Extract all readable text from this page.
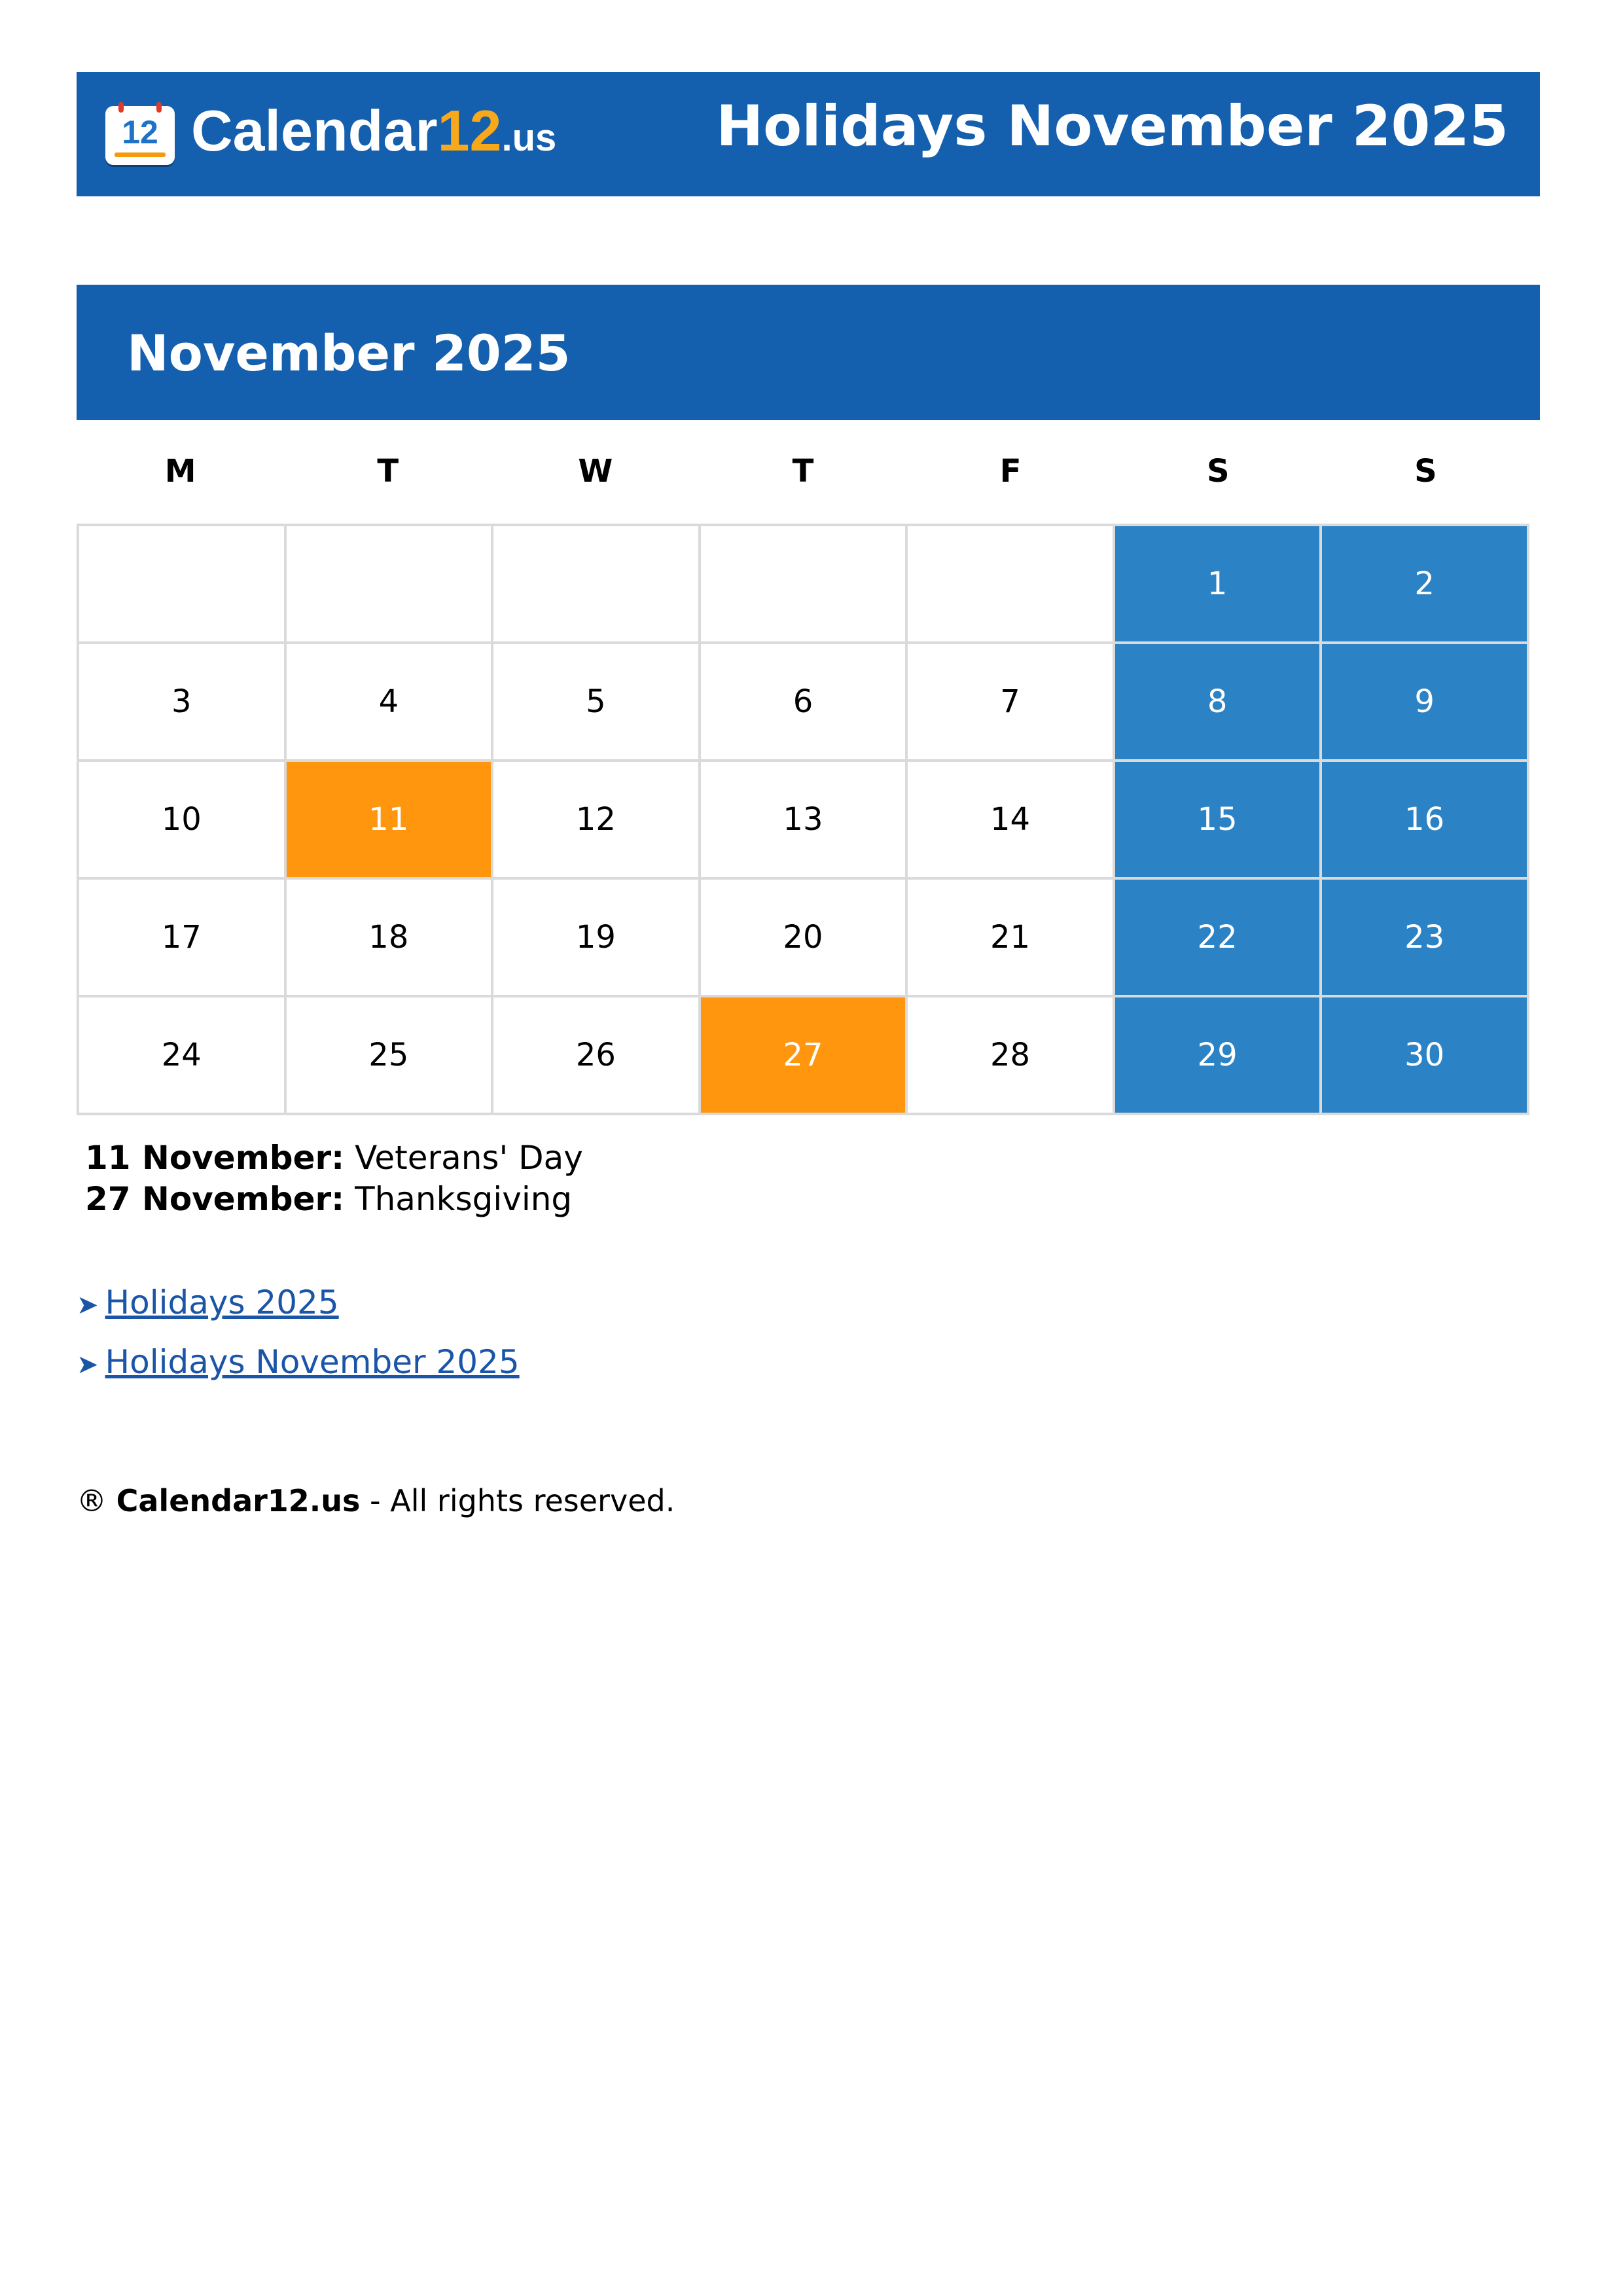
12 Calendar12.us	Holidays November 2025
November 2025
M	T	W	T	F	S	S
					1	2
3	4	5	6	7	8	9
10	11	12	13	14	15	16
17	18	19	20	21	22	23
24	25	26	27	28	29	30
11 November: Veterans' Day
27 November: Thanksgiving
➤ Holidays 2025
➤ Holidays November 2025
® Calendar12.us - All rights reserved.
